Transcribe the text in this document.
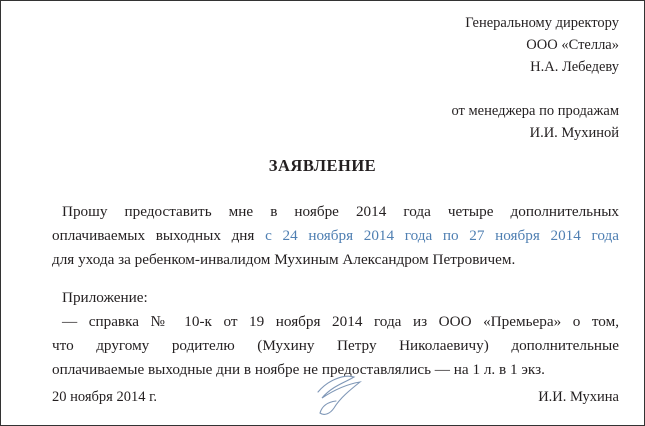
Генеральному директору
ООО «Стелла»
Н.А. Лебедеву
от менеджера по продажам
И.И. Мухиной
ЗАЯВЛЕНИЕ
Прошу предоставить мне в ноябре 2014 года четыре дополнительных
оплачиваемых выходных дня с 24 ноября 2014 года по 27 ноября 2014 года
для ухода за ребенком-инвалидом Мухиным Александром Петровичем.
Приложение:
— справка № 10-к от 19 ноября 2014 года из ООО «Премьера» о том,
что другому родителю (Мухину Петру Николаевичу) дополнительные
оплачиваемые выходные дни в ноябре не предоставлялись — на 1 л. в 1 экз.
20 ноября 2014 г.	И.И. Мухина
